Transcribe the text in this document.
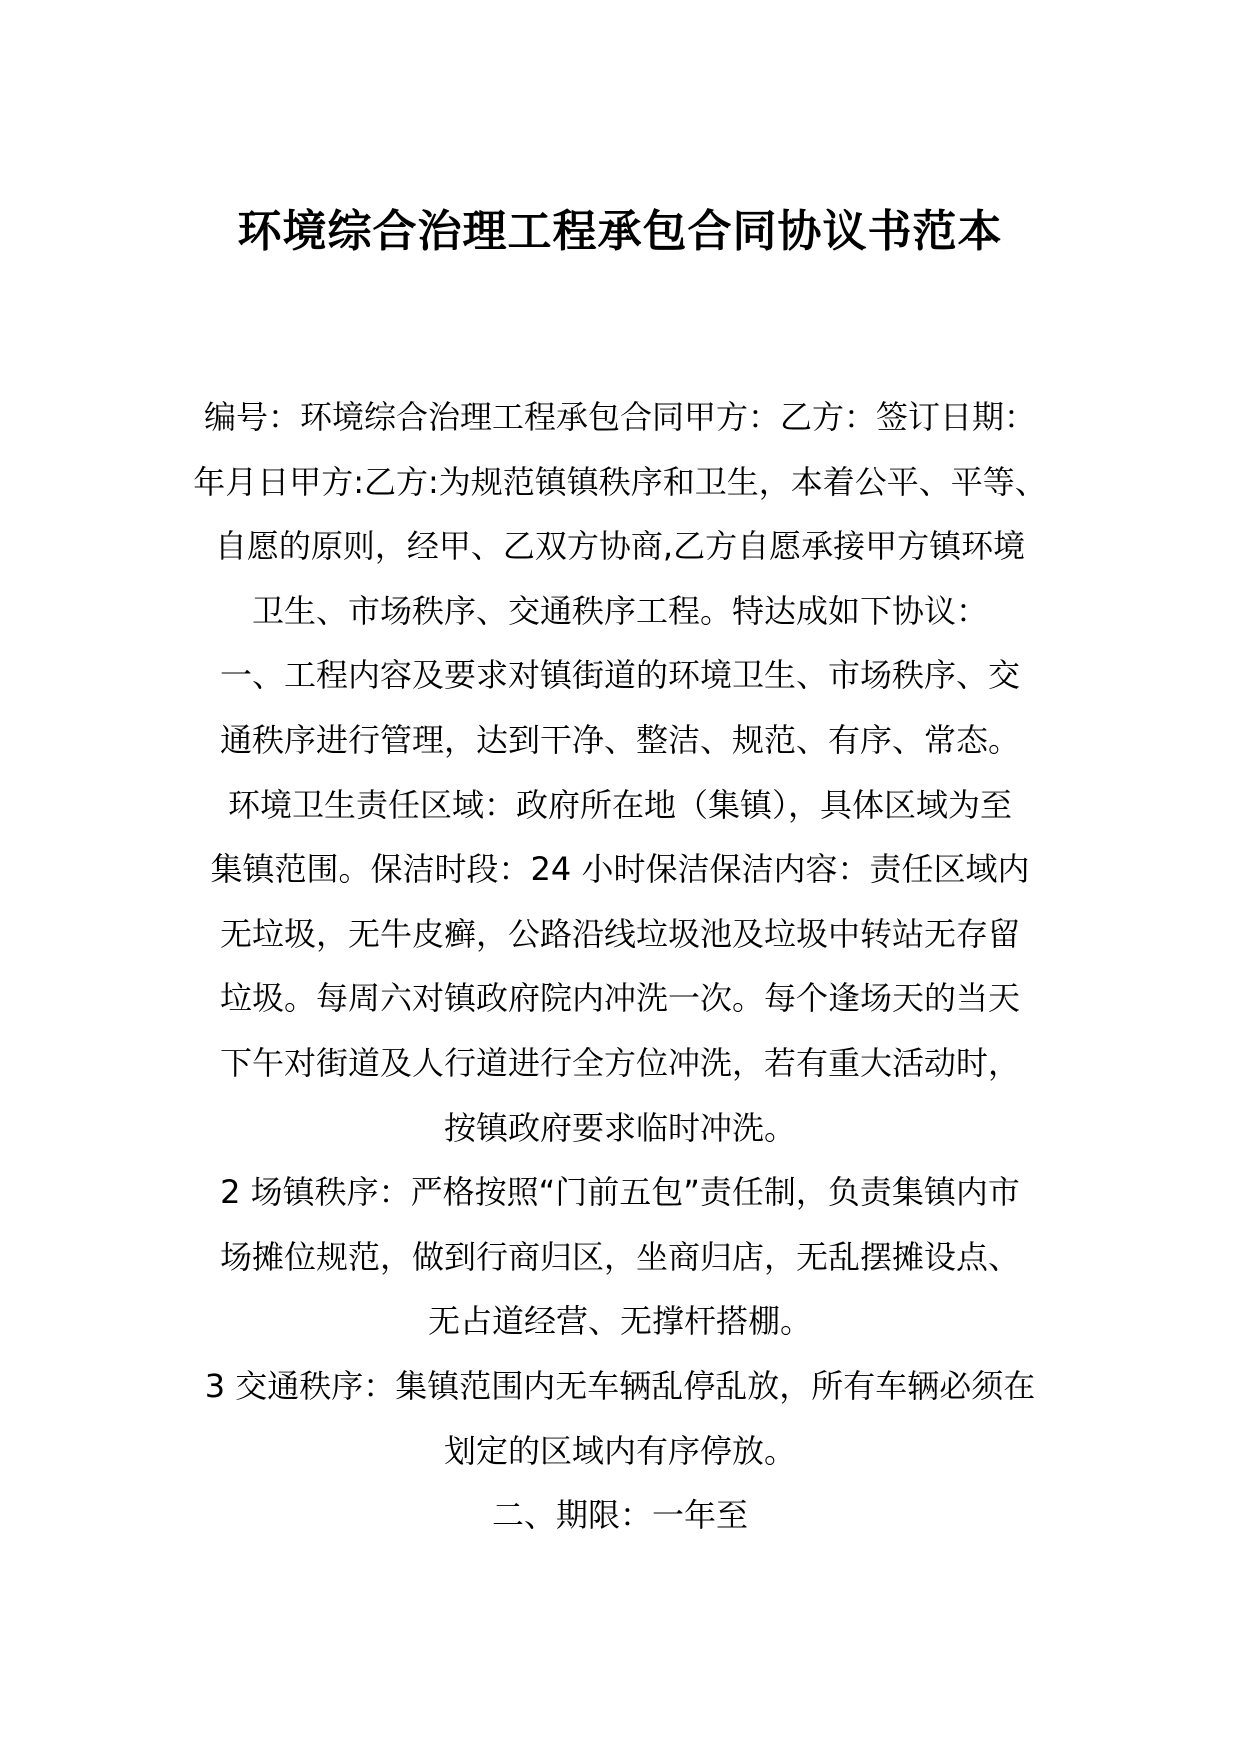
环境综合治理工程承包合同协议书范本
编号：环境综合治理工程承包合同甲方：乙方：签订日期：
年月日甲方:乙方:为规范镇镇秩序和卫生，本着公平、平等、
自愿的原则，经甲、乙双方协商,乙方自愿承接甲方镇环境
卫生、市场秩序、交通秩序工程。特达成如下协议：
一、工程内容及要求对镇街道的环境卫生、市场秩序、交
通秩序进行管理，达到干净、整洁、规范、有序、常态。
环境卫生责任区域：政府所在地（集镇），具体区域为至
集镇范围。保洁时段：24 小时保洁保洁内容：责任区域内
无垃圾，无牛皮癣，公路沿线垃圾池及垃圾中转站无存留
垃圾。每周六对镇政府院内冲洗一次。每个逢场天的当天
下午对街道及人行道进行全方位冲洗，若有重大活动时，
按镇政府要求临时冲洗。
2 场镇秩序：严格按照“门前五包”责任制，负责集镇内市
场摊位规范，做到行商归区，坐商归店，无乱摆摊设点、
无占道经营、无撑杆搭棚。
3 交通秩序：集镇范围内无车辆乱停乱放，所有车辆必须在
划定的区域内有序停放。
二、期限：一年至
